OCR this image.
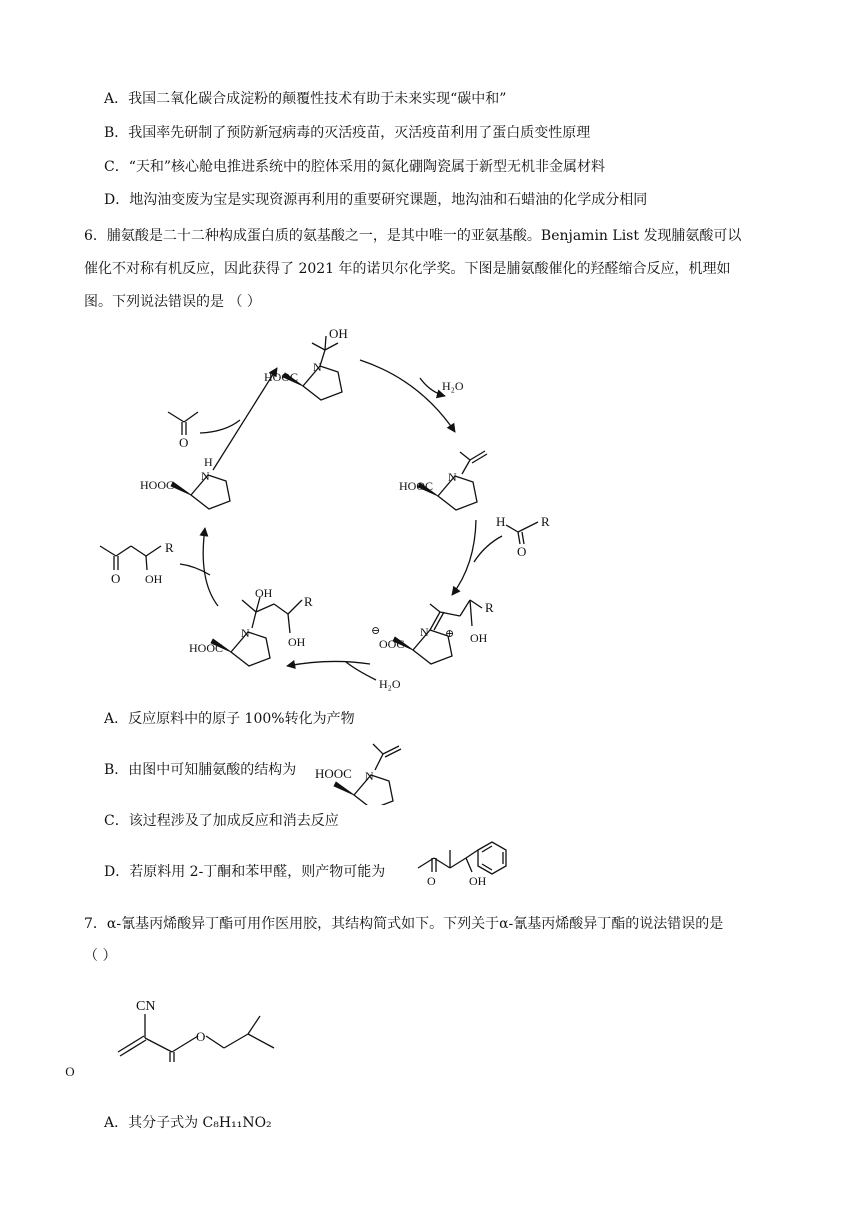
A．我国二氧化碳合成淀粉的颠覆性技术有助于未来实现“碳中和”
B．我国率先研制了预防新冠病毒的灭活疫苗，灭活疫苗利用了蛋白质变性原理
C．“天和”核心舱电推进系统中的腔体采用的氮化硼陶瓷属于新型无机非金属材料
D．地沟油变废为宝是实现资源再利用的重要研究课题，地沟油和石蜡油的化学成分相同
6．脯氨酸是二十二种构成蛋白质的氨基酸之一，是其中唯一的亚氨基酸。Benjamin List 发现脯氨酸可以
催化不对称有机反应，因此获得了 2021 年的诺贝尔化学奖。下图是脯氨酸催化的羟醛缩合反应，机理如
图。下列说法错误的是 （ ）
OH
HOOC
N
H₂O
HOOC
N
H	R
O
⊖
OOC
N ⊕
R
OH
H₂O
OH
R
OH
HOOC
N
R
O OH
H
N
HOOC
O
A．反应原料中的原子 100%转化为产物
B．由图中可知脯氨酸的结构为 HOOC N
C．该过程涉及了加成反应和消去反应
D．若原料用 2-丁酮和苯甲醛，则产物可能为
O	OH
7．α-氰基丙烯酸异丁酯可用作医用胶，其结构简式如下。下列关于α-氰基丙烯酸异丁酯的说法错误的是
（ ）
CN
O
O
A．其分子式为 C₈H₁₁NO₂
